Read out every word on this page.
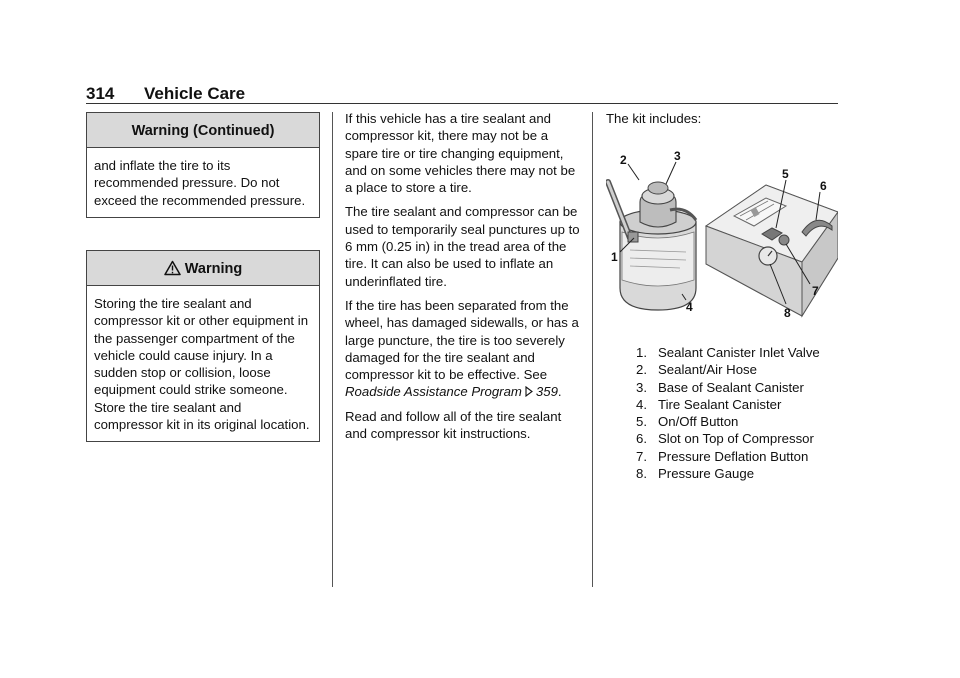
314 Vehicle Care
Warning (Continued)
and inflate the tire to its recommended pressure. Do not exceed the recommended pressure.
Warning
Storing the tire sealant and compressor kit or other equipment in the passenger compartment of the vehicle could cause injury. In a sudden stop or collision, loose equipment could strike someone. Store the tire sealant and compressor kit in its original location.

If this vehicle has a tire sealant and compressor kit, there may not be a spare tire or tire changing equipment, and on some vehicles there may not be a place to store a tire.

The tire sealant and compressor can be used to temporarily seal punctures up to 6 mm (0.25 in) in the tread area of the tire. It can also be used to inflate an underinflated tire.

If the tire has been separated from the wheel, has damaged sidewalls, or has a large puncture, the tire is too severely damaged for the tire sealant and compressor kit to be effective. See Roadside Assistance Program 359.

Read and follow all of the tire sealant and compressor kit instructions.

The kit includes:

2	3
1
4
5
6
7
8
1. Sealant Canister Inlet Valve
2. Sealant/Air Hose
3. Base of Sealant Canister
4. Tire Sealant Canister
5. On/Off Button
6. Slot on Top of Compressor
7. Pressure Deflation Button
8. Pressure Gauge
